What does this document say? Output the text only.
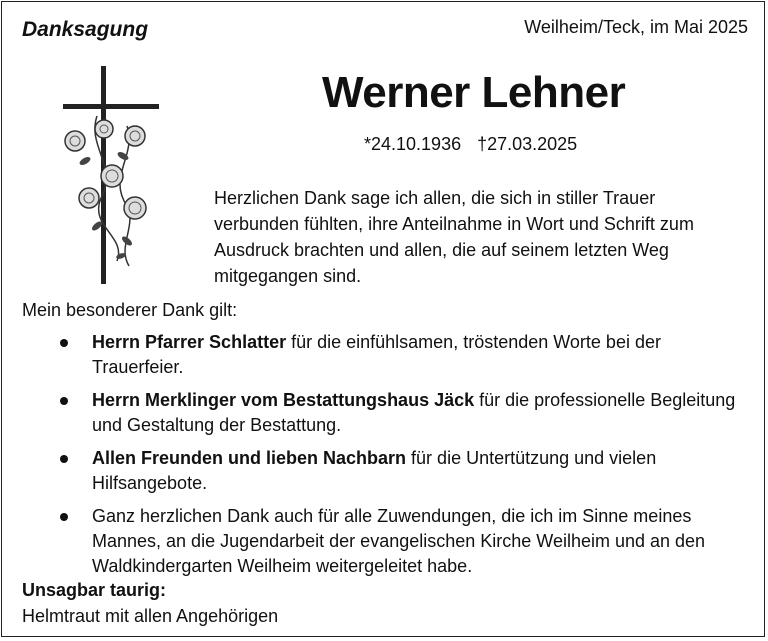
Danksagung	Weilheim/Teck, im Mai 2025
Werner Lehner
*24.10.1936 †27.03.2025
Herzlichen Dank sage ich allen, die sich in stiller Trauer verbunden fühlten, ihre Anteilnahme in Wort und Schrift zum Ausdruck brachten und allen, die auf seinem letzten Weg mitgegangen sind.
Mein besonderer Dank gilt:
Herrn Pfarrer Schlatter für die einfühlsamen, tröstenden Worte bei der Trauerfeier.
Herrn Merklinger vom Bestattungshaus Jäck für die professionelle Begleitung und Gestaltung der Bestattung.
Allen Freunden und lieben Nachbarn für die Untertützung und vielen Hilfsangebote.
Ganz herzlichen Dank auch für alle Zuwendungen, die ich im Sinne meines Mannes, an die Jugendarbeit der evangelischen Kirche Weilheim und an den Waldkindergarten Weilheim weitergeleitet habe.
Unsagbar taurig:
Helmtraut mit allen Angehörigen
